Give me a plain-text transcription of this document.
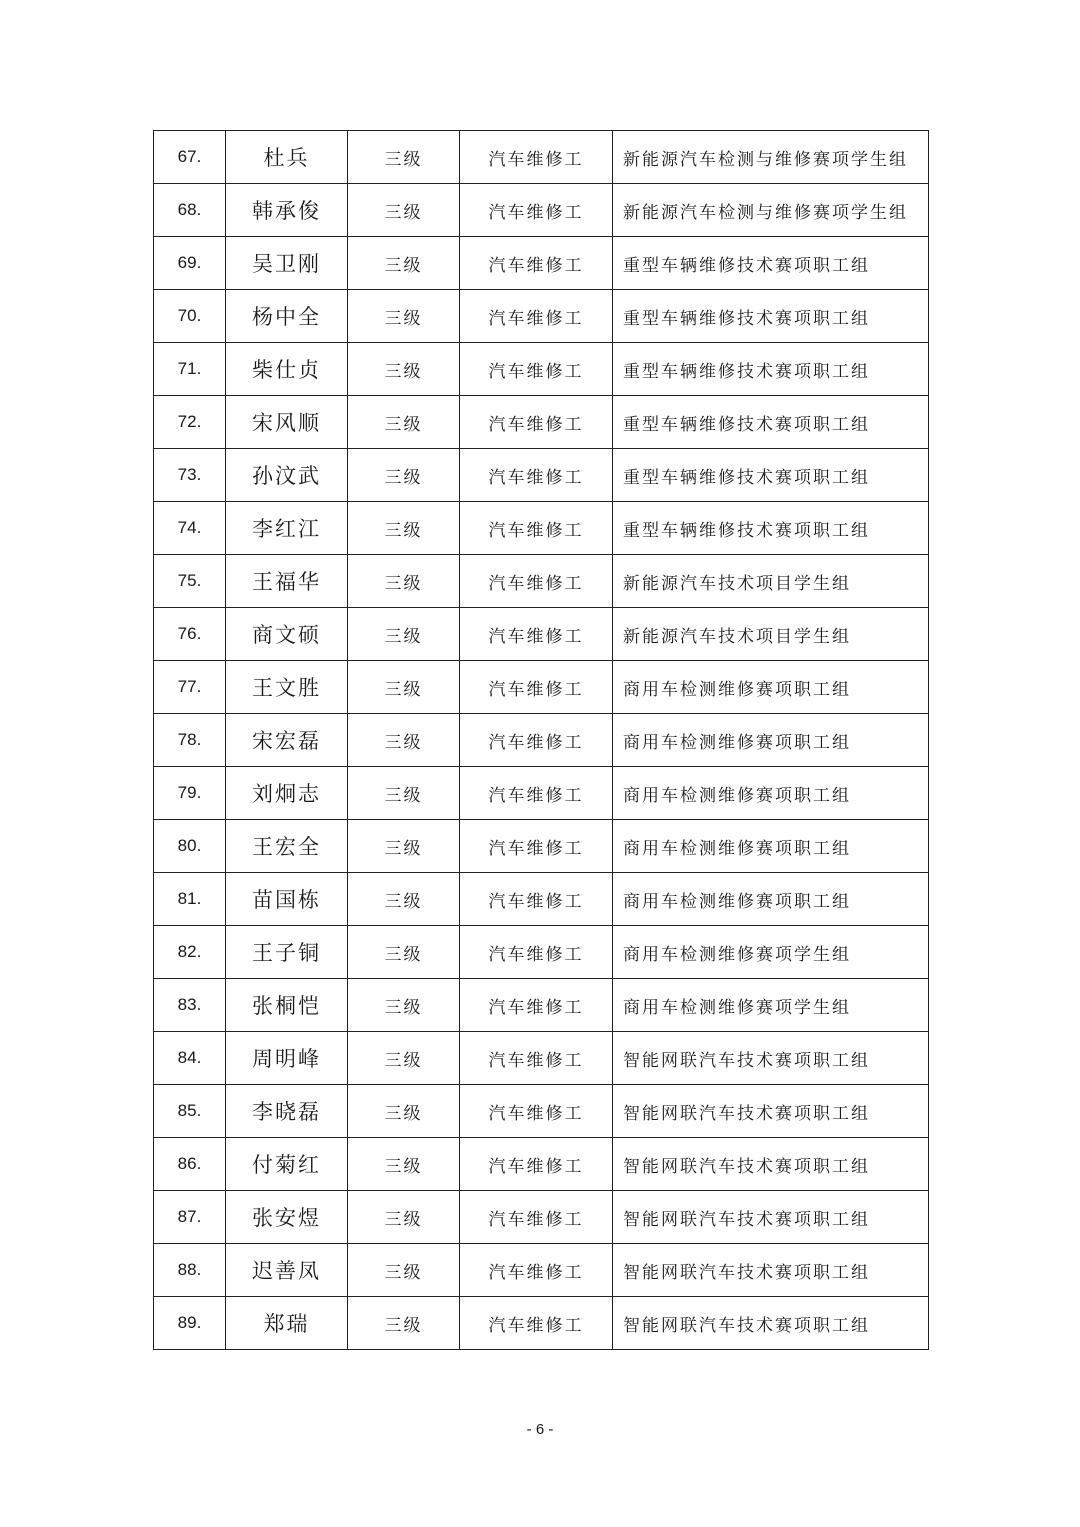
67.	杜兵	三级	汽车维修工	新能源汽车检测与维修赛项学生组
68.	韩承俊	三级	汽车维修工	新能源汽车检测与维修赛项学生组
69.	吴卫刚	三级	汽车维修工	重型车辆维修技术赛项职工组
70.	杨中全	三级	汽车维修工	重型车辆维修技术赛项职工组
71.	柴仕贞	三级	汽车维修工	重型车辆维修技术赛项职工组
72.	宋风顺	三级	汽车维修工	重型车辆维修技术赛项职工组
73.	孙汶武	三级	汽车维修工	重型车辆维修技术赛项职工组
74.	李红江	三级	汽车维修工	重型车辆维修技术赛项职工组
75.	王福华	三级	汽车维修工	新能源汽车技术项目学生组
76.	商文硕	三级	汽车维修工	新能源汽车技术项目学生组
77.	王文胜	三级	汽车维修工	商用车检测维修赛项职工组
78.	宋宏磊	三级	汽车维修工	商用车检测维修赛项职工组
79.	刘炯志	三级	汽车维修工	商用车检测维修赛项职工组
80.	王宏全	三级	汽车维修工	商用车检测维修赛项职工组
81.	苗国栋	三级	汽车维修工	商用车检测维修赛项职工组
82.	王子铜	三级	汽车维修工	商用车检测维修赛项学生组
83.	张桐恺	三级	汽车维修工	商用车检测维修赛项学生组
84.	周明峰	三级	汽车维修工	智能网联汽车技术赛项职工组
85.	李晓磊	三级	汽车维修工	智能网联汽车技术赛项职工组
86.	付菊红	三级	汽车维修工	智能网联汽车技术赛项职工组
87.	张安煜	三级	汽车维修工	智能网联汽车技术赛项职工组
88.	迟善凤	三级	汽车维修工	智能网联汽车技术赛项职工组
89.	郑瑞	三级	汽车维修工	智能网联汽车技术赛项职工组
- 6 -
